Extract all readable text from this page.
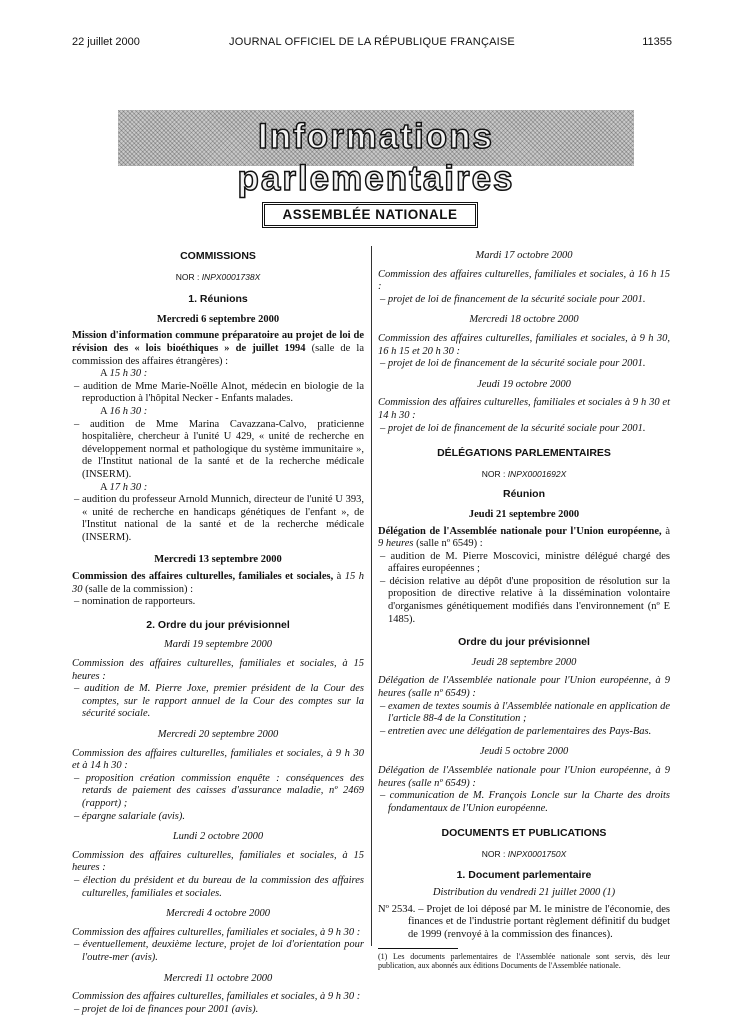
22 juillet 2000	JOURNAL OFFICIEL DE LA RÉPUBLIQUE FRANÇAISE	11355
Informations parlementaires
ASSEMBLÉE NATIONALE

COMMISSIONS

NOR : INPX0001738X

1. Réunions

Mercredi 6 septembre 2000

Mission d'information commune préparatoire au projet de loi de révision des « lois bioéthiques » de juillet 1994 (salle de la commission des affaires étrangères) :

A 15 h 30 :

– audition de Mme Marie-Noëlle Alnot, médecin en biologie de la reproduction à l'hôpital Necker - Enfants malades.

A 16 h 30 :

– audition de Mme Marina Cavazzana-Calvo, praticienne hospitalière, chercheur à l'unité U 429, « unité de recherche en développement normal et pathologique du système immunitaire », de l'Institut national de la santé et de la recherche médicale (INSERM).

A 17 h 30 :

– audition du professeur Arnold Munnich, directeur de l'unité U 393, « unité de recherche en handicaps génétiques de l'enfant », de l'Institut national de la santé et de la recherche médicale (INSERM).

Mercredi 13 septembre 2000

Commission des affaires culturelles, familiales et sociales, à 15 h 30 (salle de la commission) :

– nomination de rapporteurs.

2. Ordre du jour prévisionnel

Mardi 19 septembre 2000

Commission des affaires culturelles, familiales et sociales, à 15 heures :

– audition de M. Pierre Joxe, premier président de la Cour des comptes, sur le rapport annuel de la Cour des comptes sur la sécurité sociale.

Mercredi 20 septembre 2000

Commission des affaires culturelles, familiales et sociales, à 9 h 30 et à 14 h 30 :

– proposition création commission enquête : conséquences des retards de paiement des caisses d'assurance maladie, nº 2469 (rapport) ;

– épargne salariale (avis).

Lundi 2 octobre 2000

Commission des affaires culturelles, familiales et sociales, à 15 heures :

– élection du président et du bureau de la commission des affaires culturelles, familiales et sociales.

Mercredi 4 octobre 2000

Commission des affaires culturelles, familiales et sociales, à 9 h 30 :

– éventuellement, deuxième lecture, projet de loi d'orientation pour l'outre-mer (avis).

Mercredi 11 octobre 2000

Commission des affaires culturelles, familiales et sociales, à 9 h 30 :

– projet de loi de finances pour 2001 (avis).

Mardi 17 octobre 2000

Commission des affaires culturelles, familiales et sociales, à 16 h 15 :

– projet de loi de financement de la sécurité sociale pour 2001.

Mercredi 18 octobre 2000

Commission des affaires culturelles, familiales et sociales, à 9 h 30, 16 h 15 et 20 h 30 :

– projet de loi de financement de la sécurité sociale pour 2001.

Jeudi 19 octobre 2000

Commission des affaires culturelles, familiales et sociales à 9 h 30 et 14 h 30 :

– projet de loi de financement de la sécurité sociale pour 2001.

DÉLÉGATIONS PARLEMENTAIRES

NOR : INPX0001692X

Réunion

Jeudi 21 septembre 2000

Délégation de l'Assemblée nationale pour l'Union européenne, à 9 heures (salle nº 6549) :

– audition de M. Pierre Moscovici, ministre délégué chargé des affaires européennes ;

– décision relative au dépôt d'une proposition de résolution sur la proposition de directive relative à la dissémination volontaire d'organismes génétiquement modifiés dans l'environnement (nº E 1485).

Ordre du jour prévisionnel

Jeudi 28 septembre 2000

Délégation de l'Assemblée nationale pour l'Union européenne, à 9 heures (salle nº 6549) :

– examen de textes soumis à l'Assemblée nationale en application de l'article 88-4 de la Constitution ;

– entretien avec une délégation de parlementaires des Pays-Bas.

Jeudi 5 octobre 2000

Délégation de l'Assemblée nationale pour l'Union européenne, à 9 heures (salle nº 6549) :

– communication de M. François Loncle sur la Charte des droits fondamentaux de l'Union européenne.

DOCUMENTS ET PUBLICATIONS

NOR : INPX0001750X

1. Document parlementaire

Distribution du vendredi 21 juillet 2000 (1)

Nº 2534. – Projet de loi déposé par M. le ministre de l'économie, des finances et de l'industrie portant règlement définitif du budget de 1999 (renvoyé à la commission des finances).

(1) Les documents parlementaires de l'Assemblée nationale sont servis, dès leur publication, aux abonnés aux éditions Documents de l'Assemblée nationale.
